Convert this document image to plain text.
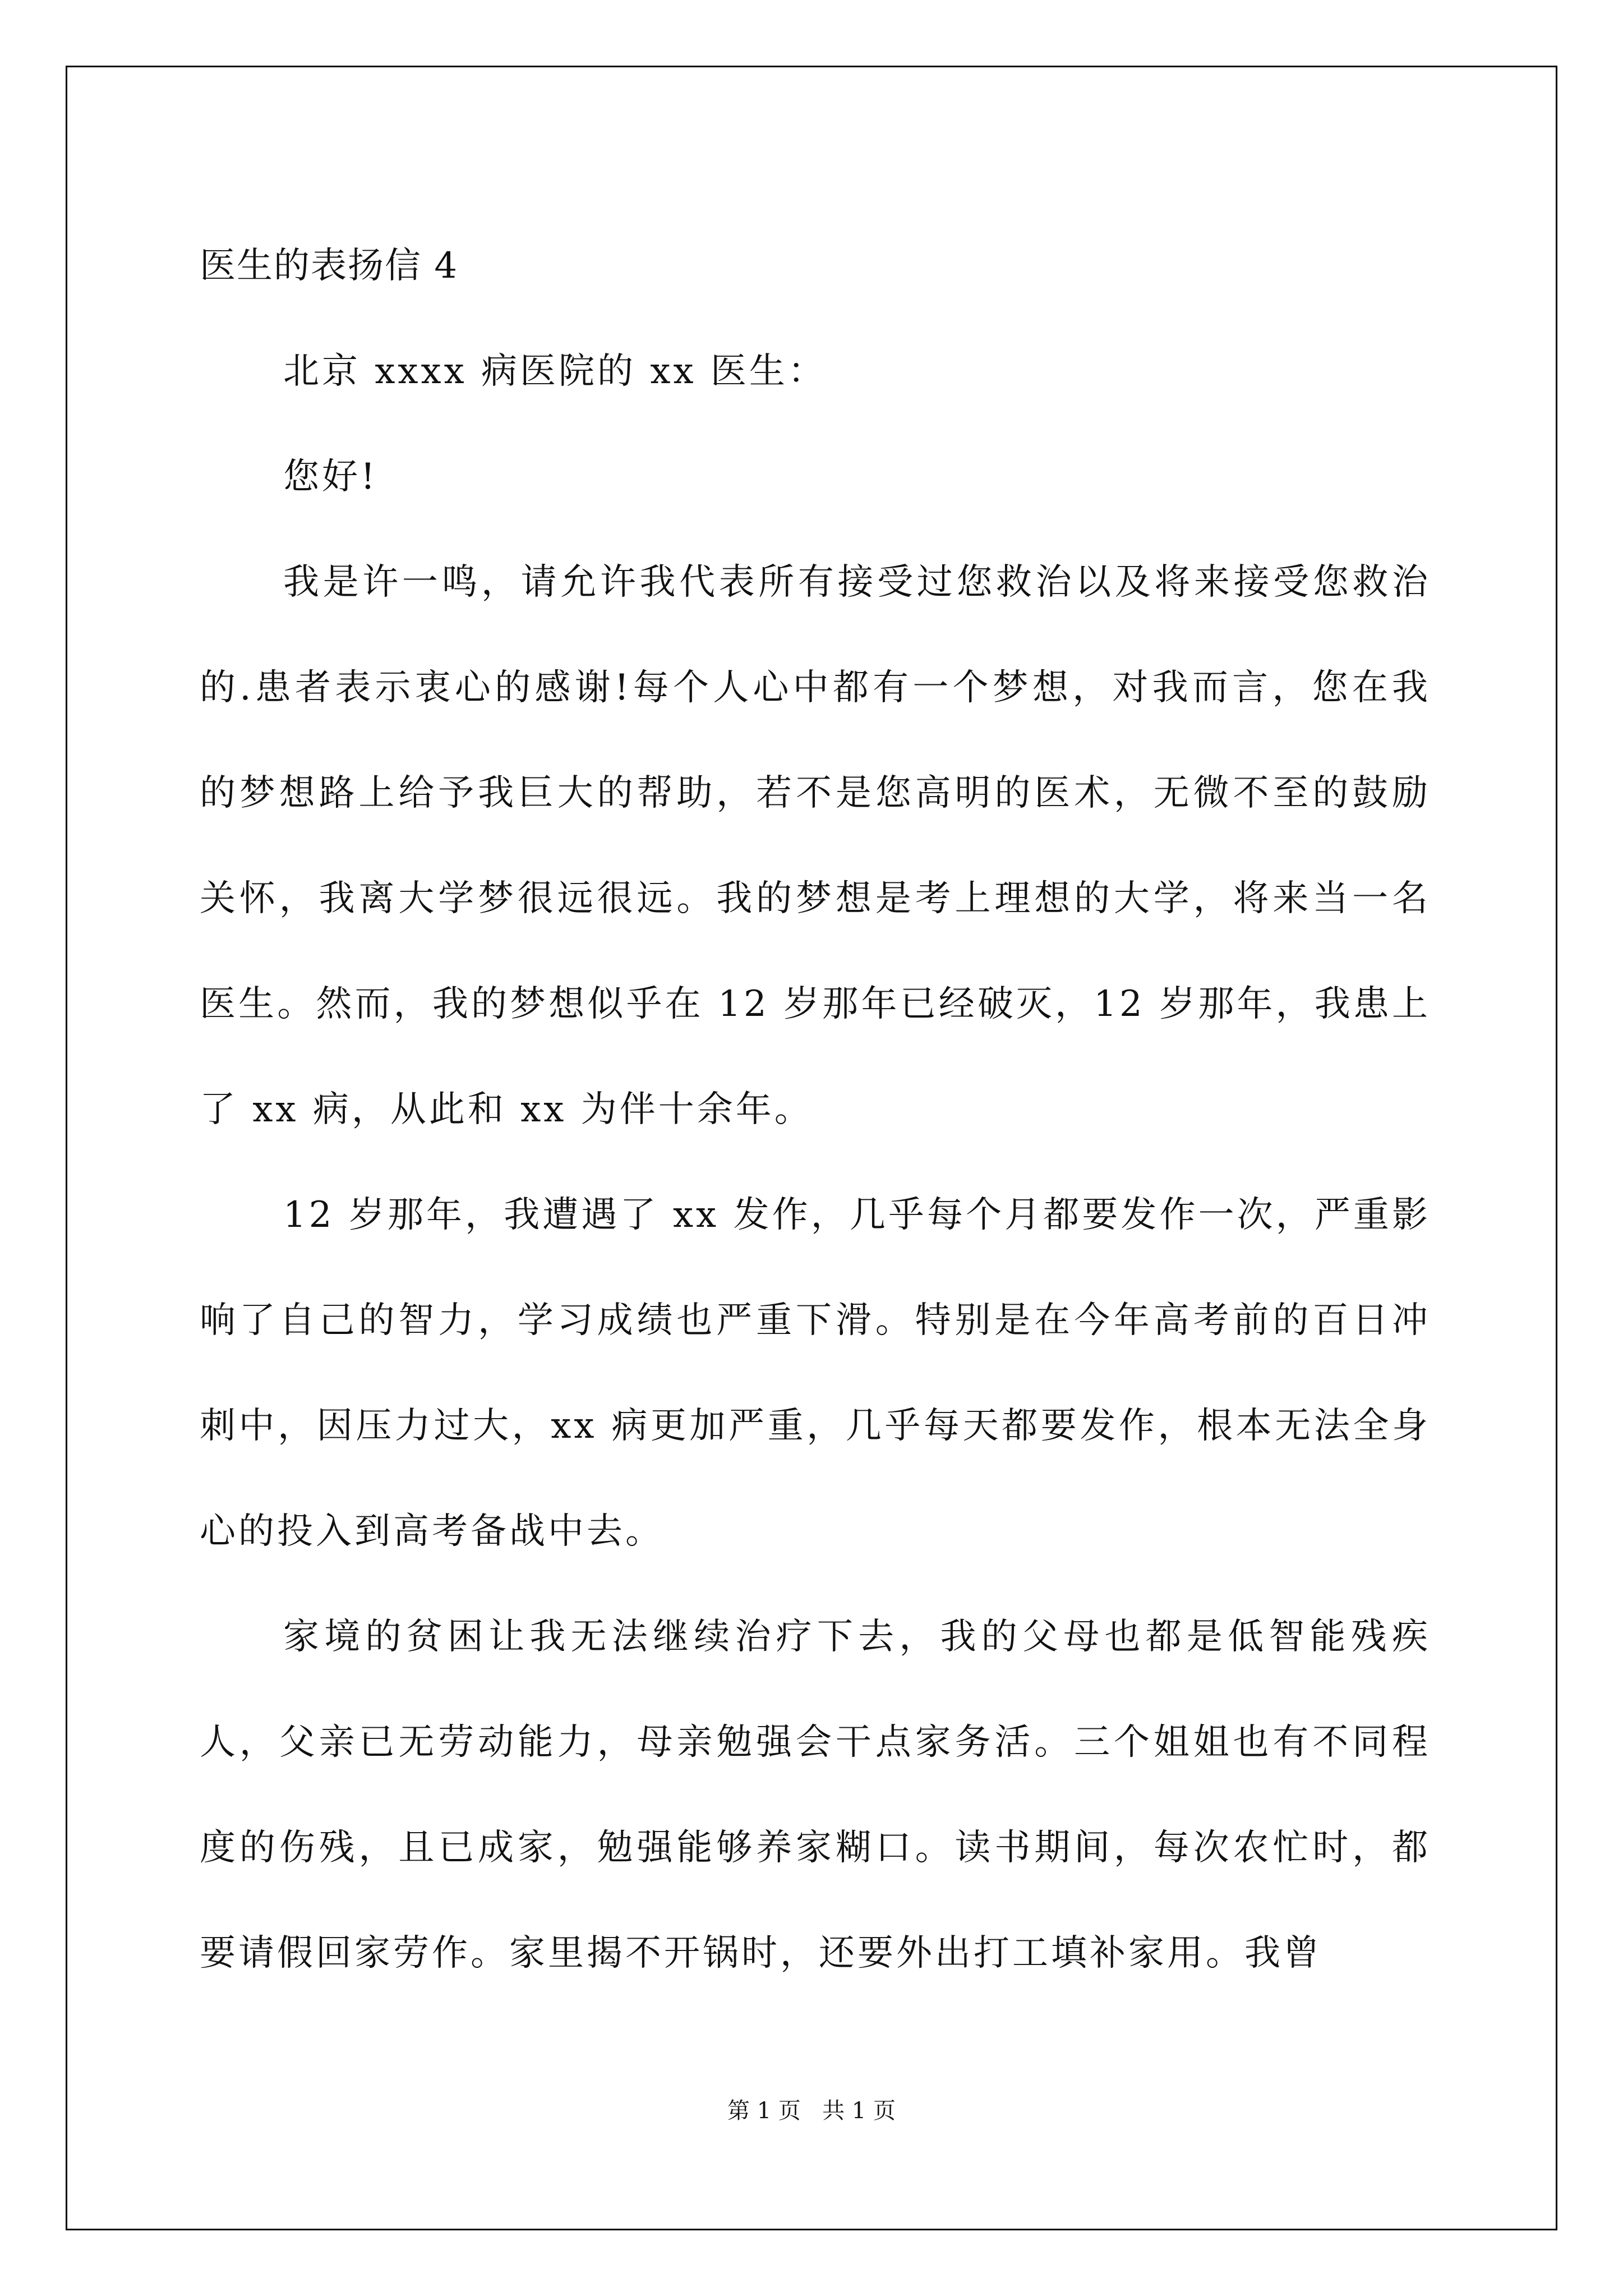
医生的表扬信 4

北京 xxxx 病医院的 xx 医生：

您好!

我是许一鸣，请允许我代表所有接受过您救治以及将来接受您救治的.患者表示衷心的感谢!每个人心中都有一个梦想，对我而言，您在我的梦想路上给予我巨大的帮助，若不是您高明的医术，无微不至的鼓励关怀，我离大学梦很远很远。我的梦想是考上理想的大学，将来当一名医生。然而，我的梦想似乎在 12 岁那年已经破灭，12 岁那年，我患上了 xx 病，从此和 xx 为伴十余年。

12 岁那年，我遭遇了 xx 发作，几乎每个月都要发作一次，严重影响了自己的智力，学习成绩也严重下滑。特别是在今年高考前的百日冲刺中，因压力过大，xx 病更加严重，几乎每天都要发作，根本无法全身心的投入到高考备战中去。

家境的贫困让我无法继续治疗下去，我的父母也都是低智能残疾人，父亲已无劳动能力，母亲勉强会干点家务活。三个姐姐也有不同程度的伤残，且已成家，勉强能够养家糊口。读书期间，每次农忙时，都要请假回家劳作。家里揭不开锅时，还要外出打工填补家用。我曾

第 1 页   共 1 页
